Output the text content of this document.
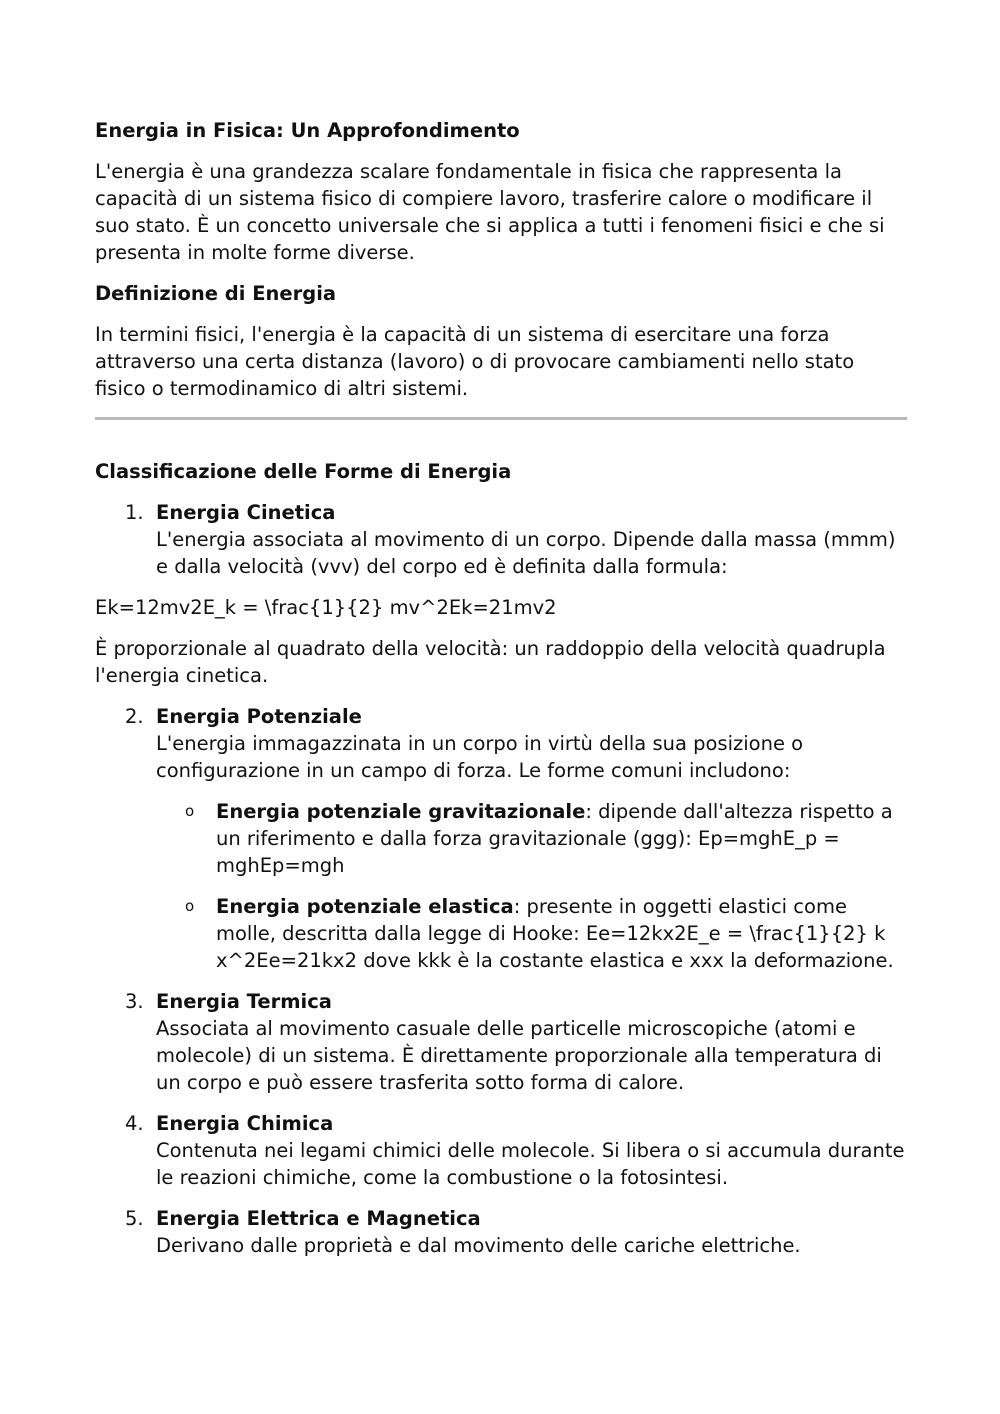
Energia in Fisica: Un Approfondimento

L'energia è una grandezza scalare fondamentale in fisica che rappresenta la capacità di un sistema fisico di compiere lavoro, trasferire calore o modificare il suo stato. È un concetto universale che si applica a tutti i fenomeni fisici e che si presenta in molte forme diverse.

Definizione di Energia

In termini fisici, l'energia è la capacità di un sistema di esercitare una forza attraverso una certa distanza (lavoro) o di provocare cambiamenti nello stato fisico o termodinamico di altri sistemi.

Classificazione delle Forme di Energia

1. Energia Cinetica
L'energia associata al movimento di un corpo. Dipende dalla massa (mmm) e dalla velocità (vvv) del corpo ed è definita dalla formula:

Ek=12mv2E_k = \frac{1}{2} mv^2Ek=21mv2

È proporzionale al quadrato della velocità: un raddoppio della velocità quadrupla l'energia cinetica.

2. Energia Potenziale
L'energia immagazzinata in un corpo in virtù della sua posizione o configurazione in un campo di forza. Le forme comuni includono:
o Energia potenziale gravitazionale: dipende dall'altezza rispetto a un riferimento e dalla forza gravitazionale (ggg): Ep=mghE_p = mghEp=mgh
o Energia potenziale elastica: presente in oggetti elastici come molle, descritta dalla legge di Hooke: Ee=12kx2E_e = \frac{1}{2} k x^2Ee=21kx2 dove kkk è la costante elastica e xxx la deformazione.
3. Energia Termica
Associata al movimento casuale delle particelle microscopiche (atomi e molecole) di un sistema. È direttamente proporzionale alla temperatura di un corpo e può essere trasferita sotto forma di calore.
4. Energia Chimica
Contenuta nei legami chimici delle molecole. Si libera o si accumula durante le reazioni chimiche, come la combustione o la fotosintesi.
5. Energia Elettrica e Magnetica
Derivano dalle proprietà e dal movimento delle cariche elettriche.
